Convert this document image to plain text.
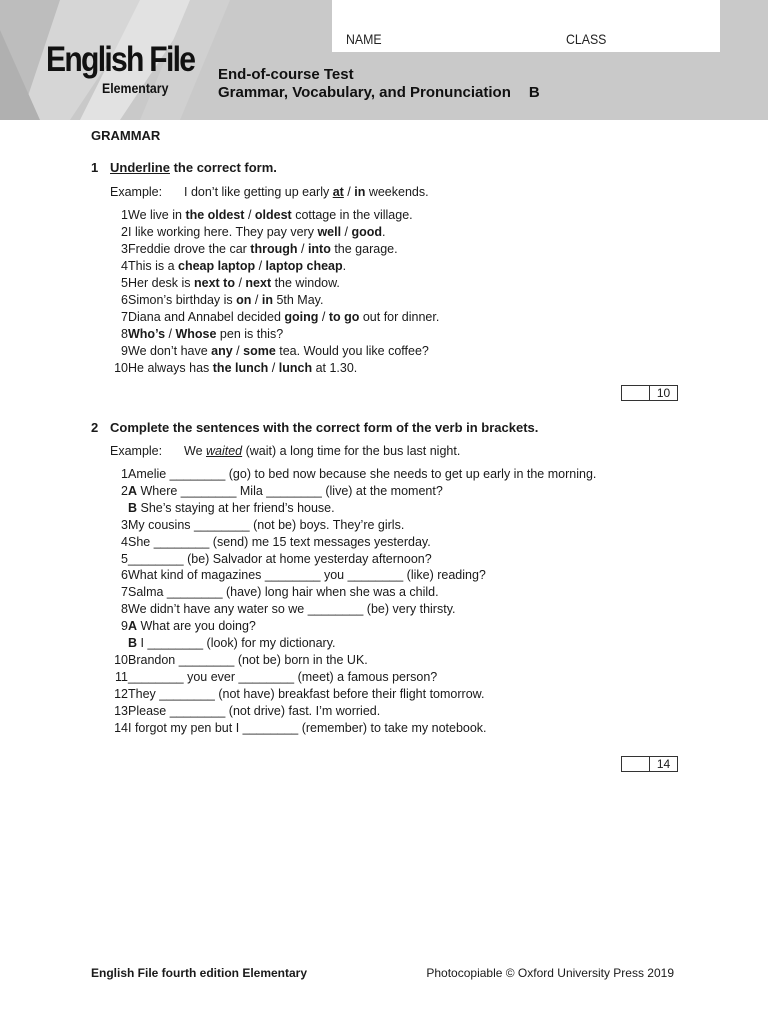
NAME	CLASS
English File
Elementary
End-of-course Test
Grammar, Vocabulary, and Pronunciation B
GRAMMAR
1 Underline the correct form.
Example: I don’t like getting up early at / in weekends.
1We live in the oldest / oldest cottage in the village.
2I like working here. They pay very well / good.
3Freddie drove the car through / into the garage.
4This is a cheap laptop / laptop cheap.
5Her desk is next to / next the window.
6Simon’s birthday is on / in 5th May.
7Diana and Annabel decided going / to go out for dinner.
8Who’s / Whose pen is this?
9We don’t have any / some tea. Would you like coffee?
10He always has the lunch / lunch at 1.30.
10
2 Complete the sentences with the correct form of the verb in brackets.
Example: We waited (wait) a long time for the bus last night.
1Amelie ________ (go) to bed now because she needs to get up early in the morning.
2A Where ________ Mila ________ (live) at the moment?
B She’s staying at her friend’s house.
3My cousins ________ (not be) boys. They’re girls.
4She ________ (send) me 15 text messages yesterday.
5________ (be) Salvador at home yesterday afternoon?
6What kind of magazines ________ you ________ (like) reading?
7Salma ________ (have) long hair when she was a child.
8We didn’t have any water so we ________ (be) very thirsty.
9A What are you doing?
B I ________ (look) for my dictionary.
10Brandon ________ (not be) born in the UK.
11________ you ever ________ (meet) a famous person?
12They ________ (not have) breakfast before their flight tomorrow.
13Please ________ (not drive) fast. I’m worried.
14I forgot my pen but I ________ (remember) to take my notebook.
14
English File fourth edition Elementary	Photocopiable © Oxford University Press 2019
